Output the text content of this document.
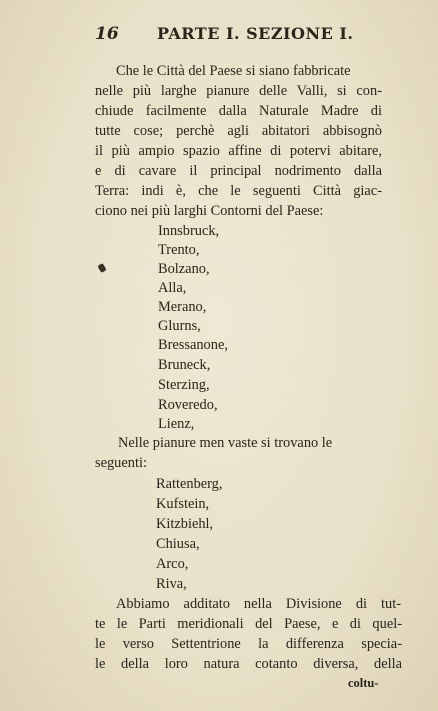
16 PARTE I. SEZIONE I.
Che le Città del Paese si siano fabbricate
nelle più larghe pianure delle Valli, si con-
chiude facilmente dalla Naturale Madre di
tutte cose; perchè agli abitatori abbisognò
il più ampio spazio affine di potervi abitare,
e di cavare il principal nodrimento dalla
Terra: indi è, che le seguenti Città giac-
ciono nei più larghi Contorni del Paese:
Innsbruck,
Trento,
Bolzano,
Alla,
Merano,
Glurns,
Bressanone,
Bruneck,
Sterzing,
Roveredo,
Lienz,
Nelle pianure men vaste si trovano le
seguenti:
Rattenberg,
Kufstein,
Kitzbiehl,
Chiusa,
Arco,
Riva,
Abbiamo additato nella Divisione di tut-
te le Parti meridionali del Paese, e di quel-
le verso Settentrione la differenza specia-
le della loro natura cotanto diversa, della
coltu-
